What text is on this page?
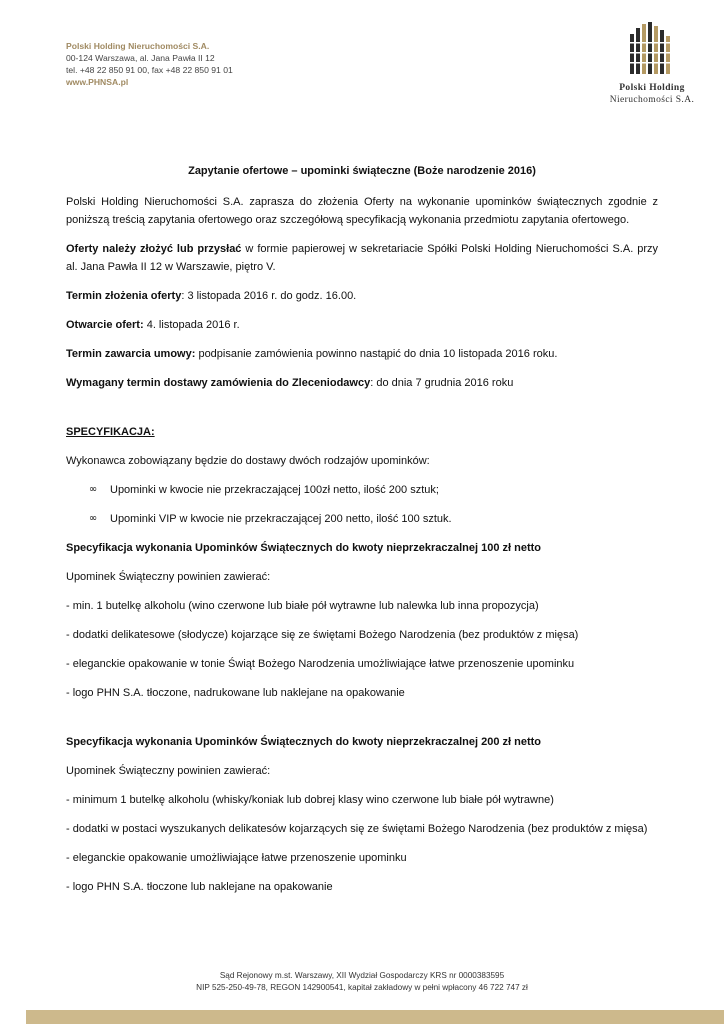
Polski Holding Nieruchomości S.A.
00-124 Warszawa, al. Jana Pawła II 12
tel. +48 22 850 91 00, fax +48 22 850 91 01
www.PHNSA.pl
Polski Holding
Nieruchomości S.A.
Zapytanie ofertowe – upominki świąteczne (Boże narodzenie 2016)
Polski Holding Nieruchomości S.A. zaprasza do złożenia Oferty na wykonanie upominków świątecznych zgodnie z poniższą treścią zapytania ofertowego oraz szczegółową specyfikacją wykonania przedmiotu zapytania ofertowego.
Oferty należy złożyć lub przysłać w formie papierowej w sekretariacie Spółki Polski Holding Nieruchomości S.A. przy al. Jana Pawła II 12 w Warszawie, piętro V.
Termin złożenia oferty: 3 listopada 2016 r. do godz. 16.00.
Otwarcie ofert: 4. listopada 2016 r.
Termin zawarcia umowy: podpisanie zamówienia powinno nastąpić do dnia 10 listopada 2016 roku.
Wymagany termin dostawy zamówienia do Zleceniodawcy: do dnia 7 grudnia 2016 roku
SPECYFIKACJA:
Wykonawca zobowiązany będzie do dostawy dwóch rodzajów upominków:
∞ Upominki w kwocie nie przekraczającej 100zł netto, ilość 200 sztuk;
∞ Upominki VIP w kwocie nie przekraczającej 200 netto, ilość 100 sztuk.
Specyfikacja wykonania Upominków Świątecznych do kwoty nieprzekraczalnej 100 zł netto
Upominek Świąteczny powinien zawierać:
- min. 1 butelkę alkoholu (wino czerwone lub białe pół wytrawne lub nalewka lub inna propozycja)
- dodatki delikatesowe (słodycze) kojarzące się ze świętami Bożego Narodzenia (bez produktów z mięsa)
- eleganckie opakowanie w tonie Świąt Bożego Narodzenia umożliwiające łatwe przenoszenie upominku
- logo PHN S.A. tłoczone, nadrukowane lub naklejane na opakowanie
Specyfikacja wykonania Upominków Świątecznych do kwoty nieprzekraczalnej 200 zł netto
Upominek Świąteczny powinien zawierać:
- minimum 1 butelkę alkoholu (whisky/koniak lub dobrej klasy wino czerwone lub białe pół wytrawne)
- dodatki w postaci wyszukanych delikatesów kojarzących się ze świętami Bożego Narodzenia (bez produktów z mięsa)
- eleganckie opakowanie umożliwiające łatwe przenoszenie upominku
- logo PHN S.A. tłoczone lub naklejane na opakowanie
Sąd Rejonowy m.st. Warszawy, XII Wydział Gospodarczy KRS nr 0000383595
NIP 525-250-49-78, REGON 142900541, kapitał zakładowy w pełni wpłacony 46 722 747 zł
